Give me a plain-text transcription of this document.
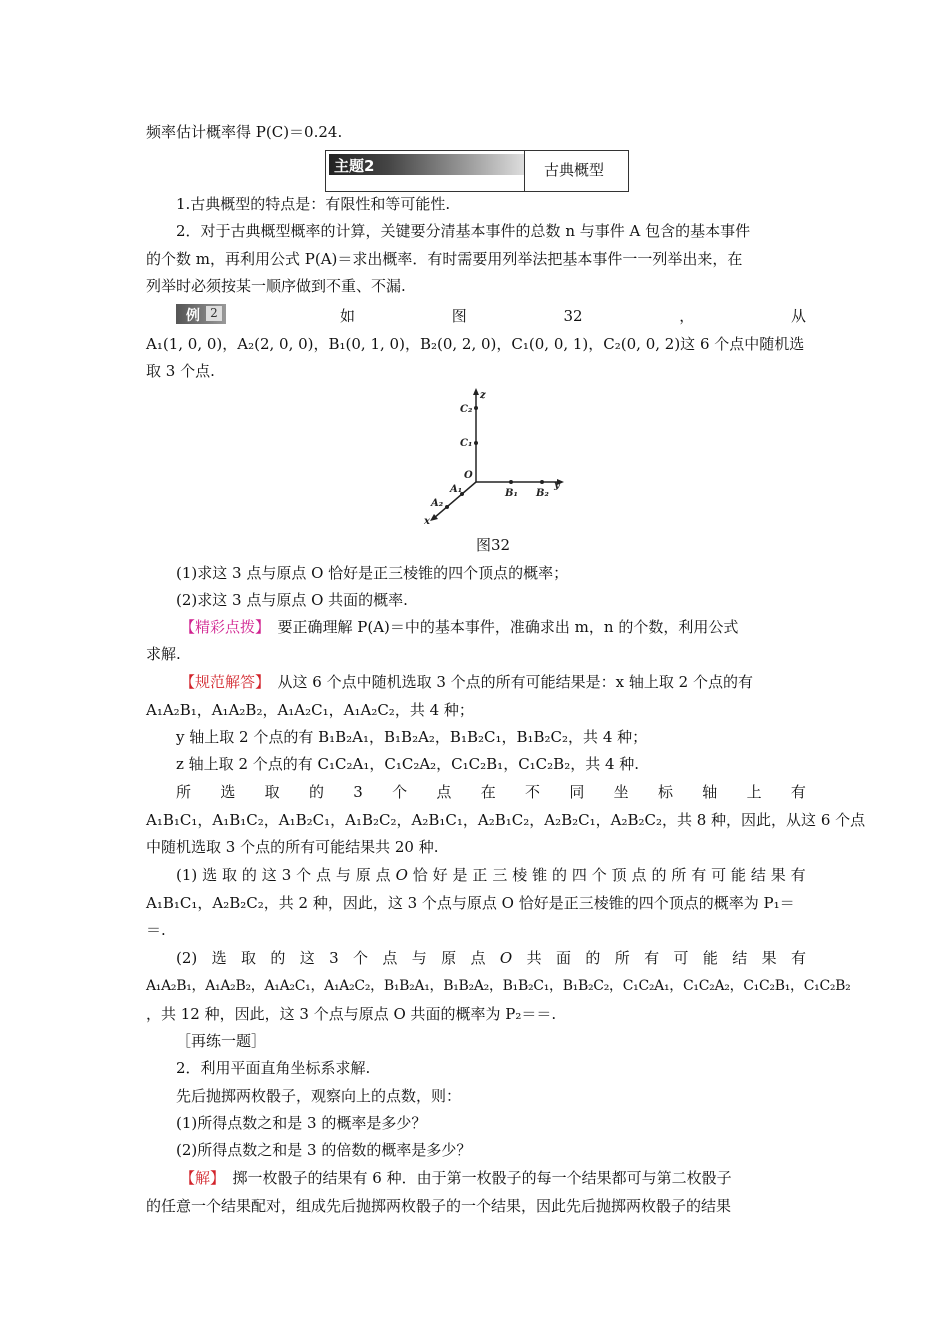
频率估计概率得 P(C)＝0.24.
主题2	古典概型
1.古典概型的特点是：有限性和等可能性.
2．对于古典概型概率的计算，关键要分清基本事件的总数 n 与事件 A 包含的基本事件
的个数 m，再利用公式 P(A)＝求出概率．有时需要用列举法把基本事件一一列举出来，在
列举时必须按某一顺序做到不重、不漏.
例 2	如	图	32	，	从
A₁(1, 0, 0)，A₂(2, 0, 0)，B₁(0, 1, 0)，B₂(0, 2, 0)，C₁(0, 0, 1)，C₂(0, 0, 2)这 6 个点中随机选
取 3 个点.
z
C₂
C₁
O
A₁
A₂
x
B₁ B₂
y
图32
(1)求这 3 点与原点 O 恰好是正三棱锥的四个顶点的概率；
(2)求这 3 点与原点 O 共面的概率.
【精彩点拨】　要正确理解 P(A)＝中的基本事件，准确求出 m，n 的个数，利用公式
求解.
【规范解答】　从这 6 个点中随机选取 3 个点的所有可能结果是：x 轴上取 2 个点的有
A₁A₂B₁，A₁A₂B₂，A₁A₂C₁，A₁A₂C₂，共 4 种；
y 轴上取 2 个点的有 B₁B₂A₁，B₁B₂A₂，B₁B₂C₁，B₁B₂C₂，共 4 种；
z 轴上取 2 个点的有 C₁C₂A₁，C₁C₂A₂，C₁C₂B₁，C₁C₂B₂，共 4 种.
所 选 取 的 3 个 点 在 不 同 坐 标 轴 上 有
A₁B₁C₁，A₁B₁C₂，A₁B₂C₁，A₁B₂C₂，A₂B₁C₁，A₂B₁C₂，A₂B₂C₁，A₂B₂C₂，共 8 种，因此，从这 6 个点
中随机选取 3 个点的所有可能结果共 20 种.
(1) 选 取 的 这 3 个 点 与 原 点 O 恰 好 是 正 三 棱 锥 的 四 个 顶 点 的 所 有 可 能 结 果 有
A₁B₁C₁，A₂B₂C₂，共 2 种，因此，这 3 个点与原点 O 恰好是正三棱锥的四个顶点的概率为 P₁＝
＝.
(2) 选 取 的 这 3 个 点 与 原 点 O 共 面 的 所 有 可 能 结 果 有
A₁A₂B₁，A₁A₂B₂，A₁A₂C₁，A₁A₂C₂，B₁B₂A₁，B₁B₂A₂，B₁B₂C₁，B₁B₂C₂，C₁C₂A₁，C₁C₂A₂，C₁C₂B₁，C₁C₂B₂
，共 12 种，因此，这 3 个点与原点 O 共面的概率为 P₂＝＝.
［再练一题］
2．利用平面直角坐标系求解.
先后抛掷两枚骰子，观察向上的点数，则：
(1)所得点数之和是 3 的概率是多少？
(2)所得点数之和是 3 的倍数的概率是多少？
【解】　掷一枚骰子的结果有 6 种．由于第一枚骰子的每一个结果都可与第二枚骰子
的任意一个结果配对，组成先后抛掷两枚骰子的一个结果，因此先后抛掷两枚骰子的结果
